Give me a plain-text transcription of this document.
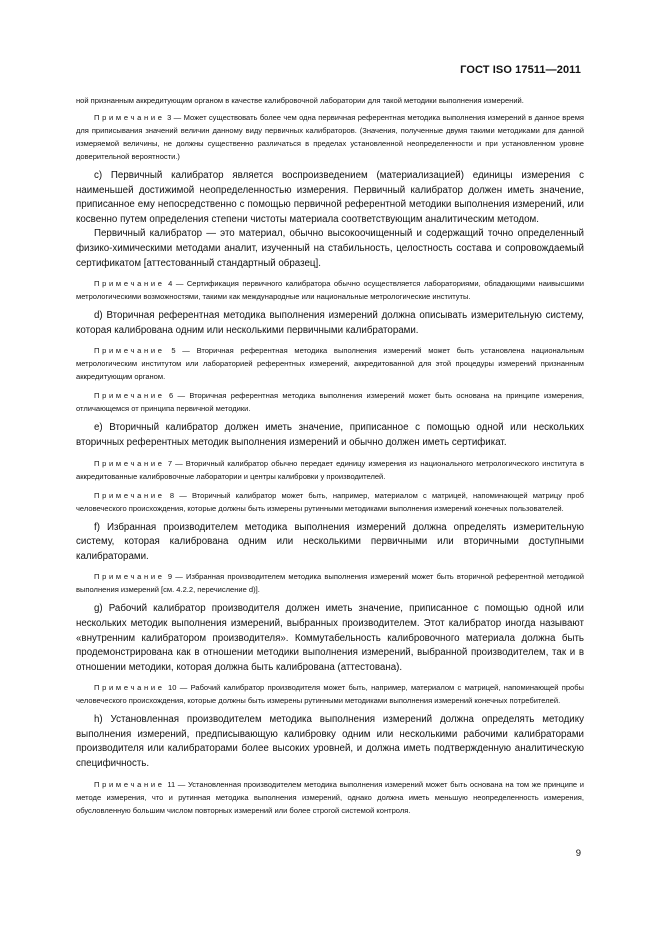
ГОСТ ISO 17511—2011

ной признанным аккредитующим органом в качестве калибровочной лаборатории для такой методики выполнения измерений.

Примечание 3 — Может существовать более чем одна первичная референтная методика выполнения измерений в данное время для приписывания значений величин данному виду первичных калибраторов. (Значения, полученные двумя такими методиками для данной измеряемой величины, не должны существенно различаться в пределах установленной неопределенности и при установленном уровне доверительной вероятности.)

c) Первичный калибратор является воспроизведением (материализацией) единицы измерения с наименьшей достижимой неопределенностью измерения. Первичный калибратор должен иметь значение, приписанное ему непосредственно с помощью первичной референтной методики выполнения измерений, или косвенно путем определения степени чистоты материала соответствующим аналитическим методом.

Первичный калибратор — это материал, обычно высокоочищенный и содержащий точно определенный физико-химическими методами аналит, изученный на стабильность, целостность состава и сопровождаемый сертификатом [аттестованный стандартный образец].

Примечание 4 — Сертификация первичного калибратора обычно осуществляется лабораториями, обладающими наивысшими метрологическими возможностями, такими как международные или национальные метрологические институты.

d) Вторичная референтная методика выполнения измерений должна описывать измерительную систему, которая калибрована одним или несколькими первичными калибраторами.

Примечание 5 — Вторичная референтная методика выполнения измерений может быть установлена национальным метрологическим институтом или лабораторией референтных измерений, аккредитованной для этой процедуры измерений признанным аккредитующим органом.

Примечание 6 — Вторичная референтная методика выполнения измерений может быть основана на принципе измерения, отличающемся от принципа первичной методики.

e) Вторичный калибратор должен иметь значение, приписанное с помощью одной или нескольких вторичных референтных методик выполнения измерений и обычно должен иметь сертификат.

Примечание 7 — Вторичный калибратор обычно передает единицу измерения из национального метрологического института в аккредитованные калибровочные лаборатории и центры калибровки у производителей.

Примечание 8 — Вторичный калибратор может быть, например, материалом с матрицей, напоминающей матрицу проб человеческого происхождения, которые должны быть измерены рутинными методиками выполнения измерений конечных пользователей.

f) Избранная производителем методика выполнения измерений должна определять измерительную систему, которая калибрована одним или несколькими первичными или вторичными доступными калибраторами.

Примечание 9 — Избранная производителем методика выполнения измерений может быть вторичной референтной методикой выполнения измерений [см. 4.2.2, перечисление d)].

g) Рабочий калибратор производителя должен иметь значение, приписанное с помощью одной или нескольких методик выполнения измерений, выбранных производителем. Этот калибратор иногда называют «внутренним калибратором производителя». Коммутабельность калибровочного материала должна быть продемонстрирована как в отношении методики выполнения измерений, выбранной производителем, так и в отношении методики, которая должна быть калиброванa (аттестована).

Примечание 10 — Рабочий калибратор производителя может быть, например, материалом с матрицей, напоминающей пробы человеческого происхождения, которые должны быть измерены рутинными методиками выполнения измерений конечных потребителей.

h) Установленная производителем методика выполнения измерений должна определять методику выполнения измерений, предписывающую калибровку одним или несколькими рабочими калибраторами производителя или калибраторами более высоких уровней, и должна иметь подтвержденную аналитическую специфичность.

Примечание 11 — Установленная производителем методика выполнения измерений может быть основана на том же принципе и методе измерения, что и рутинная методика выполнения измерений, однако должна иметь меньшую неопределенность измерения, обусловленную большим числом повторных измерений или более строгой системой контроля.

9
